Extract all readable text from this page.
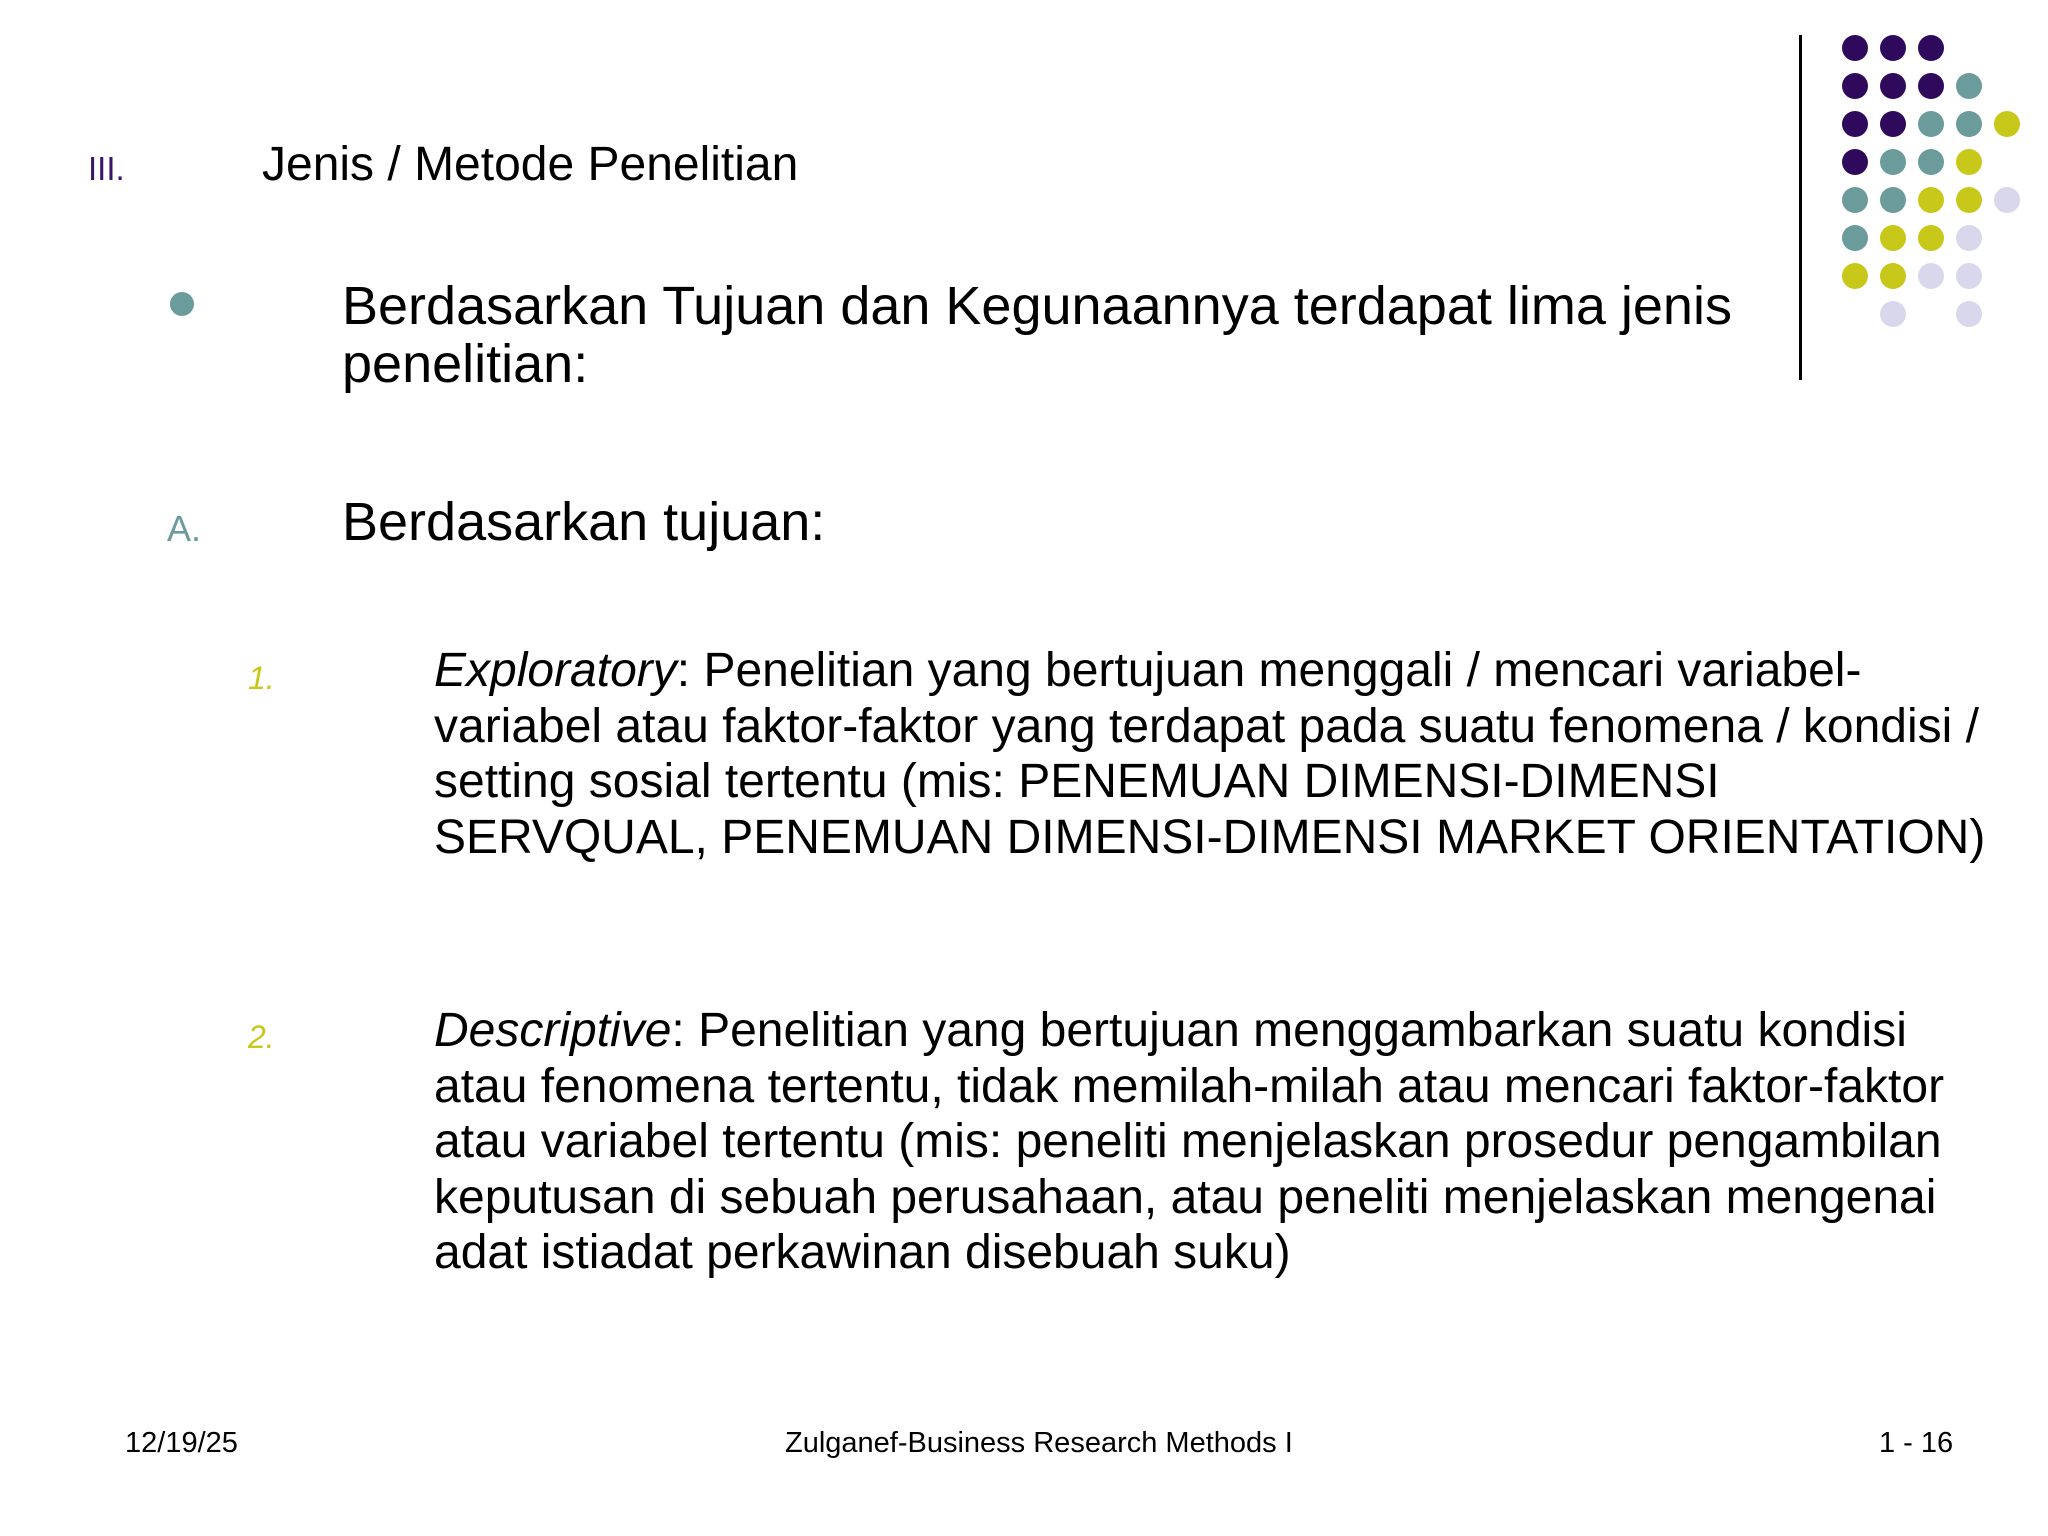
III.	Jenis / Metode Penelitian
Berdasarkan Tujuan dan Kegunaannya terdapat lima jenis penelitian:
A.	Berdasarkan tujuan:
1.	Exploratory: Penelitian yang bertujuan menggali / mencari variabel-variabel atau faktor-faktor yang terdapat pada suatu fenomena / kondisi / setting sosial tertentu (mis: PENEMUAN DIMENSI-DIMENSI SERVQUAL, PENEMUAN DIMENSI-DIMENSI MARKET ORIENTATION)
2.	Descriptive: Penelitian yang bertujuan menggambarkan suatu kondisi atau fenomena tertentu, tidak memilah-milah atau mencari faktor-faktor atau variabel tertentu (mis: peneliti menjelaskan prosedur pengambilan keputusan di sebuah perusahaan, atau peneliti menjelaskan mengenai adat istiadat perkawinan disebuah suku)
12/19/25	Zulganef-Business Research Methods I	1 - 16
